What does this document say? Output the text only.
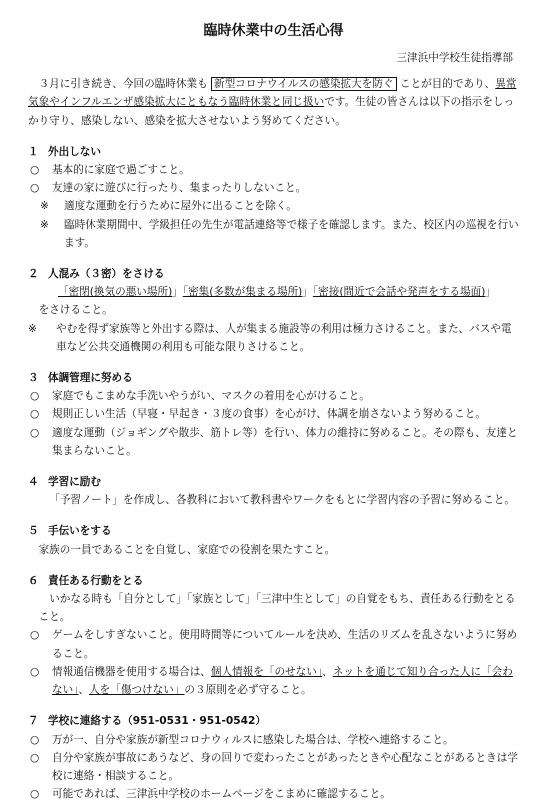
臨時休業中の生活心得
三津浜中学校生徒指導部
３月に引き続き、今回の臨時休業も 新型コロナウイルスの感染拡大を防ぐ ことが目的であり、異常気象やインフルエンザ感染拡大にともなう臨時休業と同じ扱いです。生徒の皆さんは以下の指示をしっかり守り、感染しない、感染を拡大させないよう努めてください。
１ 外出しない
○	基本的に家庭で過ごすこと。
○	友達の家に遊びに行ったり、集まったりしないこと。
※	適度な運動を行うために屋外に出ることを除く。
※	臨時休業期間中、学級担任の先生が電話連絡等で様子を確認します。また、校区内の巡視を行います。
２ 人混み（３密）をさける
「密閉(換気の悪い場所)」「密集(多数が集まる場所)」「密接(間近で会話や発声をする場面)」
をさけること。
※	やむを得ず家族等と外出する際は、人が集まる施設等の利用は極力さけること。また、バスや電車など公共交通機関の利用も可能な限りさけること。
３ 体調管理に努める
○	家庭でもこまめな手洗いやうがい、マスクの着用を心がけること。
○	規則正しい生活（早寝・早起き・３度の食事）を心がけ、体調を崩さないよう努めること。
○	適度な運動（ジョギングや散歩、筋トレ等）を行い、体力の維持に努めること。その際も、友達と集まらないこと。
４ 学習に励む
「予習ノート」を作成し、各教科において教科書やワークをもとに学習内容の予習に努めること。
５ 手伝いをする
家族の一員であることを自覚し、家庭での役割を果たすこと。
６ 責任ある行動をとる
いかなる時も「自分として」「家族として」「三津中生として」の自覚をもち、責任ある行動をとること。
○	ゲームをしすぎないこと。使用時間等についてルールを決め、生活のリズムを乱さないように努めること。
○	情報通信機器を使用する場合は、個人情報を「のせない」、ネットを通じて知り合った人に「会わない」、人を「傷つけない」の３原則を必ず守ること。
７ 学校に連絡する（951-0531・951-0542）
○	万が一、自分や家族が新型コロナウィルスに感染した場合は、学校へ連絡すること。
○	自分や家族が事故にあうなど、身の回りで変わったことがあったときや心配なことがあるときは学校に連絡・相談すること。
○	可能であれば、三津浜中学校のホームページをこまめに確認すること。
